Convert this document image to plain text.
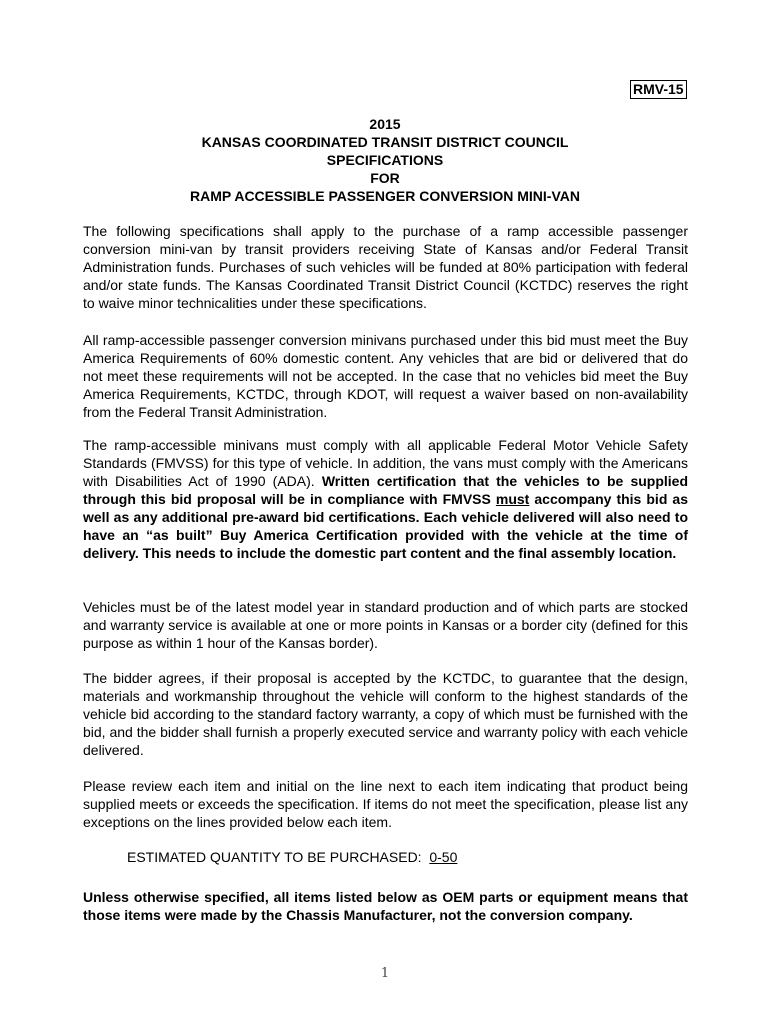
RMV-15
2015
KANSAS COORDINATED TRANSIT DISTRICT COUNCIL
SPECIFICATIONS
FOR
RAMP ACCESSIBLE PASSENGER CONVERSION MINI-VAN

The following specifications shall apply to the purchase of a ramp accessible passenger conversion mini-van by transit providers receiving State of Kansas and/or Federal Transit Administration funds. Purchases of such vehicles will be funded at 80% participation with federal and/or state funds. The Kansas Coordinated Transit District Council (KCTDC) reserves the right to waive minor technicalities under these specifications.

All ramp-accessible passenger conversion minivans purchased under this bid must meet the Buy America Requirements of 60% domestic content. Any vehicles that are bid or delivered that do not meet these requirements will not be accepted. In the case that no vehicles bid meet the Buy America Requirements, KCTDC, through KDOT, will request a waiver based on non-availability from the Federal Transit Administration.

The ramp-accessible minivans must comply with all applicable Federal Motor Vehicle Safety Standards (FMVSS) for this type of vehicle. In addition, the vans must comply with the Americans with Disabilities Act of 1990 (ADA). Written certification that the vehicles to be supplied through this bid proposal will be in compliance with FMVSS must accompany this bid as well as any additional pre-award bid certifications. Each vehicle delivered will also need to have an “as built” Buy America Certification provided with the vehicle at the time of delivery. This needs to include the domestic part content and the final assembly location.

Vehicles must be of the latest model year in standard production and of which parts are stocked and warranty service is available at one or more points in Kansas or a border city (defined for this purpose as within 1 hour of the Kansas border).

The bidder agrees, if their proposal is accepted by the KCTDC, to guarantee that the design, materials and workmanship throughout the vehicle will conform to the highest standards of the vehicle bid according to the standard factory warranty, a copy of which must be furnished with the bid, and the bidder shall furnish a properly executed service and warranty policy with each vehicle delivered.

Please review each item and initial on the line next to each item indicating that product being supplied meets or exceeds the specification. If items do not meet the specification, please list any exceptions on the lines provided below each item.

ESTIMATED QUANTITY TO BE PURCHASED:  0-50

Unless otherwise specified, all items listed below as OEM parts or equipment means that those items were made by the Chassis Manufacturer, not the conversion company.

1
